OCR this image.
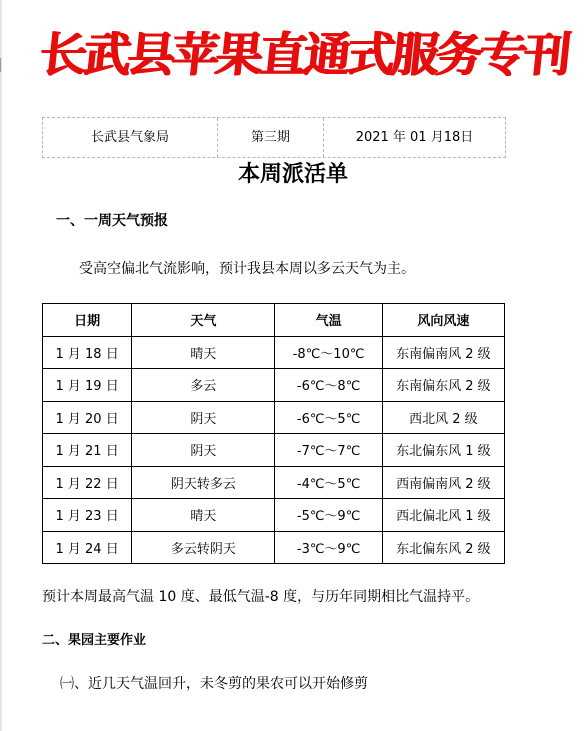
长武县苹果直通式服务专刊
长武县气象局	第三期	2021 年 01 月18日
本周派活单
一、一周天气预报
受高空偏北气流影响，预计我县本周以多云天气为主。
日期	天气	气温	风向风速
1 月 18 日	晴天	-8℃～10℃	东南偏南风 2 级
1 月 19 日	多云	-6℃～8℃	东南偏东风 2 级
1 月 20 日	阴天	-6℃～5℃	西北风 2 级
1 月 21 日	阴天	-7℃～7℃	东北偏东风 1 级
1 月 22 日	阴天转多云	-4℃～5℃	西南偏南风 2 级
1 月 23 日	晴天	-5℃～9℃	西北偏北风 1 级
1 月 24 日	多云转阴天	-3℃～9℃	东北偏东风 2 级
预计本周最高气温 10 度、最低气温-8 度，与历年同期相比气温持平。
二、果园主要作业
㈠、近几天气温回升，未冬剪的果农可以开始修剪
